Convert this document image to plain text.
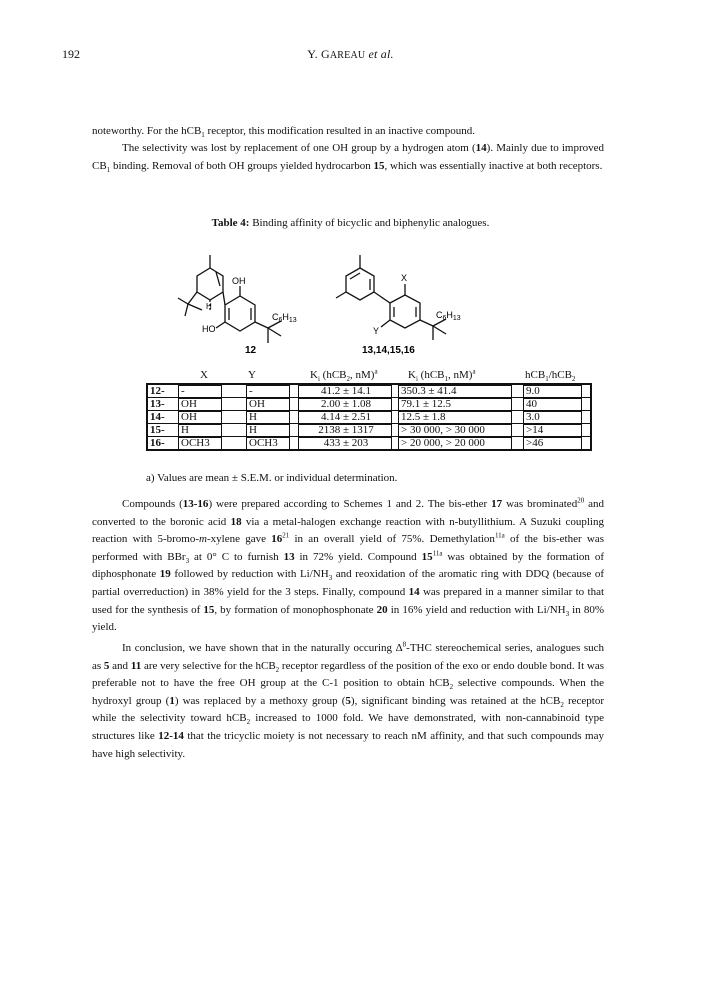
192	Y. GAREAU et al.
noteworthy. For the hCB$_1$ receptor, this modification resulted in an inactive compound.
The selectivity was lost by replacement of one OH group by a hydrogen atom (14). Mainly due to improved $CB_1$ binding. Removal of both OH groups yielded hydrocarbon 15, which was essentially inactive at both receptors.
Table 4: Binding affinity of bicyclic and biphenylic analogues.
OH
H
HO
$C_6H_{13}$
X
Y
$C_6H_{13}$
12	13,14,15,16
X	Y	$K_i$ (hCB$_2$, nM)$^a$	$K_i$ (hCB$_1$, nM)$^a$	hCB$_1$/hCB$_2$
12- -	-	41.2 ± 14.1	350.3 ± 41.4	9.0
13- OH	OH	2.00 ± 1.08	79.1 ± 12.5	40
14- OH	H	4.14 ± 2.51	12.5 ± 1.8	3.0
15- H	H	2138 ± 1317	> 30 000, > 30 000	>14
16- OCH3	OCH3	433 ± 203	> 20 000, > 20 000	>46
a) Values are mean ± S.E.M. or individual determination.
Compounds (13-16) were prepared according to Schemes 1 and 2. The bis-ether 17 was brominated$^{20}$ and converted to the boronic acid 18 via a metal-halogen exchange reaction with n-butyllithium. A Suzuki coupling reaction with 5-bromo-m-xylene gave $16^{21}$ in an overall yield of 75%. Demethylation$^{11a}$ of the bis-ether was performed with BBr$_3$ at 0° C to furnish 13 in 72% yield. Compound $15^{11a}$ was obtained by the formation of diphosphonate 19 followed by reduction with $Li/NH_3$ and reoxidation of the aromatic ring with DDQ (because of partial overreduction) in 38% yield for the 3 steps. Finally, compound 14 was prepared in a manner similar to that used for the synthesis of 15, by formation of monophosphonate 20 in 16% yield and reduction with $Li/NH_3$ in 80% yield.
In conclusion, we have shown that in the naturally occuring $\Delta^8$-THC stereochemical series, analogues such as 5 and 11 are very selective for the hCB$_2$ receptor regardless of the position of the exo or endo double bond. It was preferable not to have the free OH group at the C-1 position to obtain hCB$_2$ selective compounds. When the hydroxyl group (1) was replaced by a methoxy group (5), significant binding was retained at the hCB$_2$ receptor while the selectivity toward hCB$_2$ increased to 1000 fold. We have demonstrated, with non-cannabinoid type structures like 12-14 that the tricyclic moiety is not necessary to reach nM affinity, and that such compounds may have high selectivity.
